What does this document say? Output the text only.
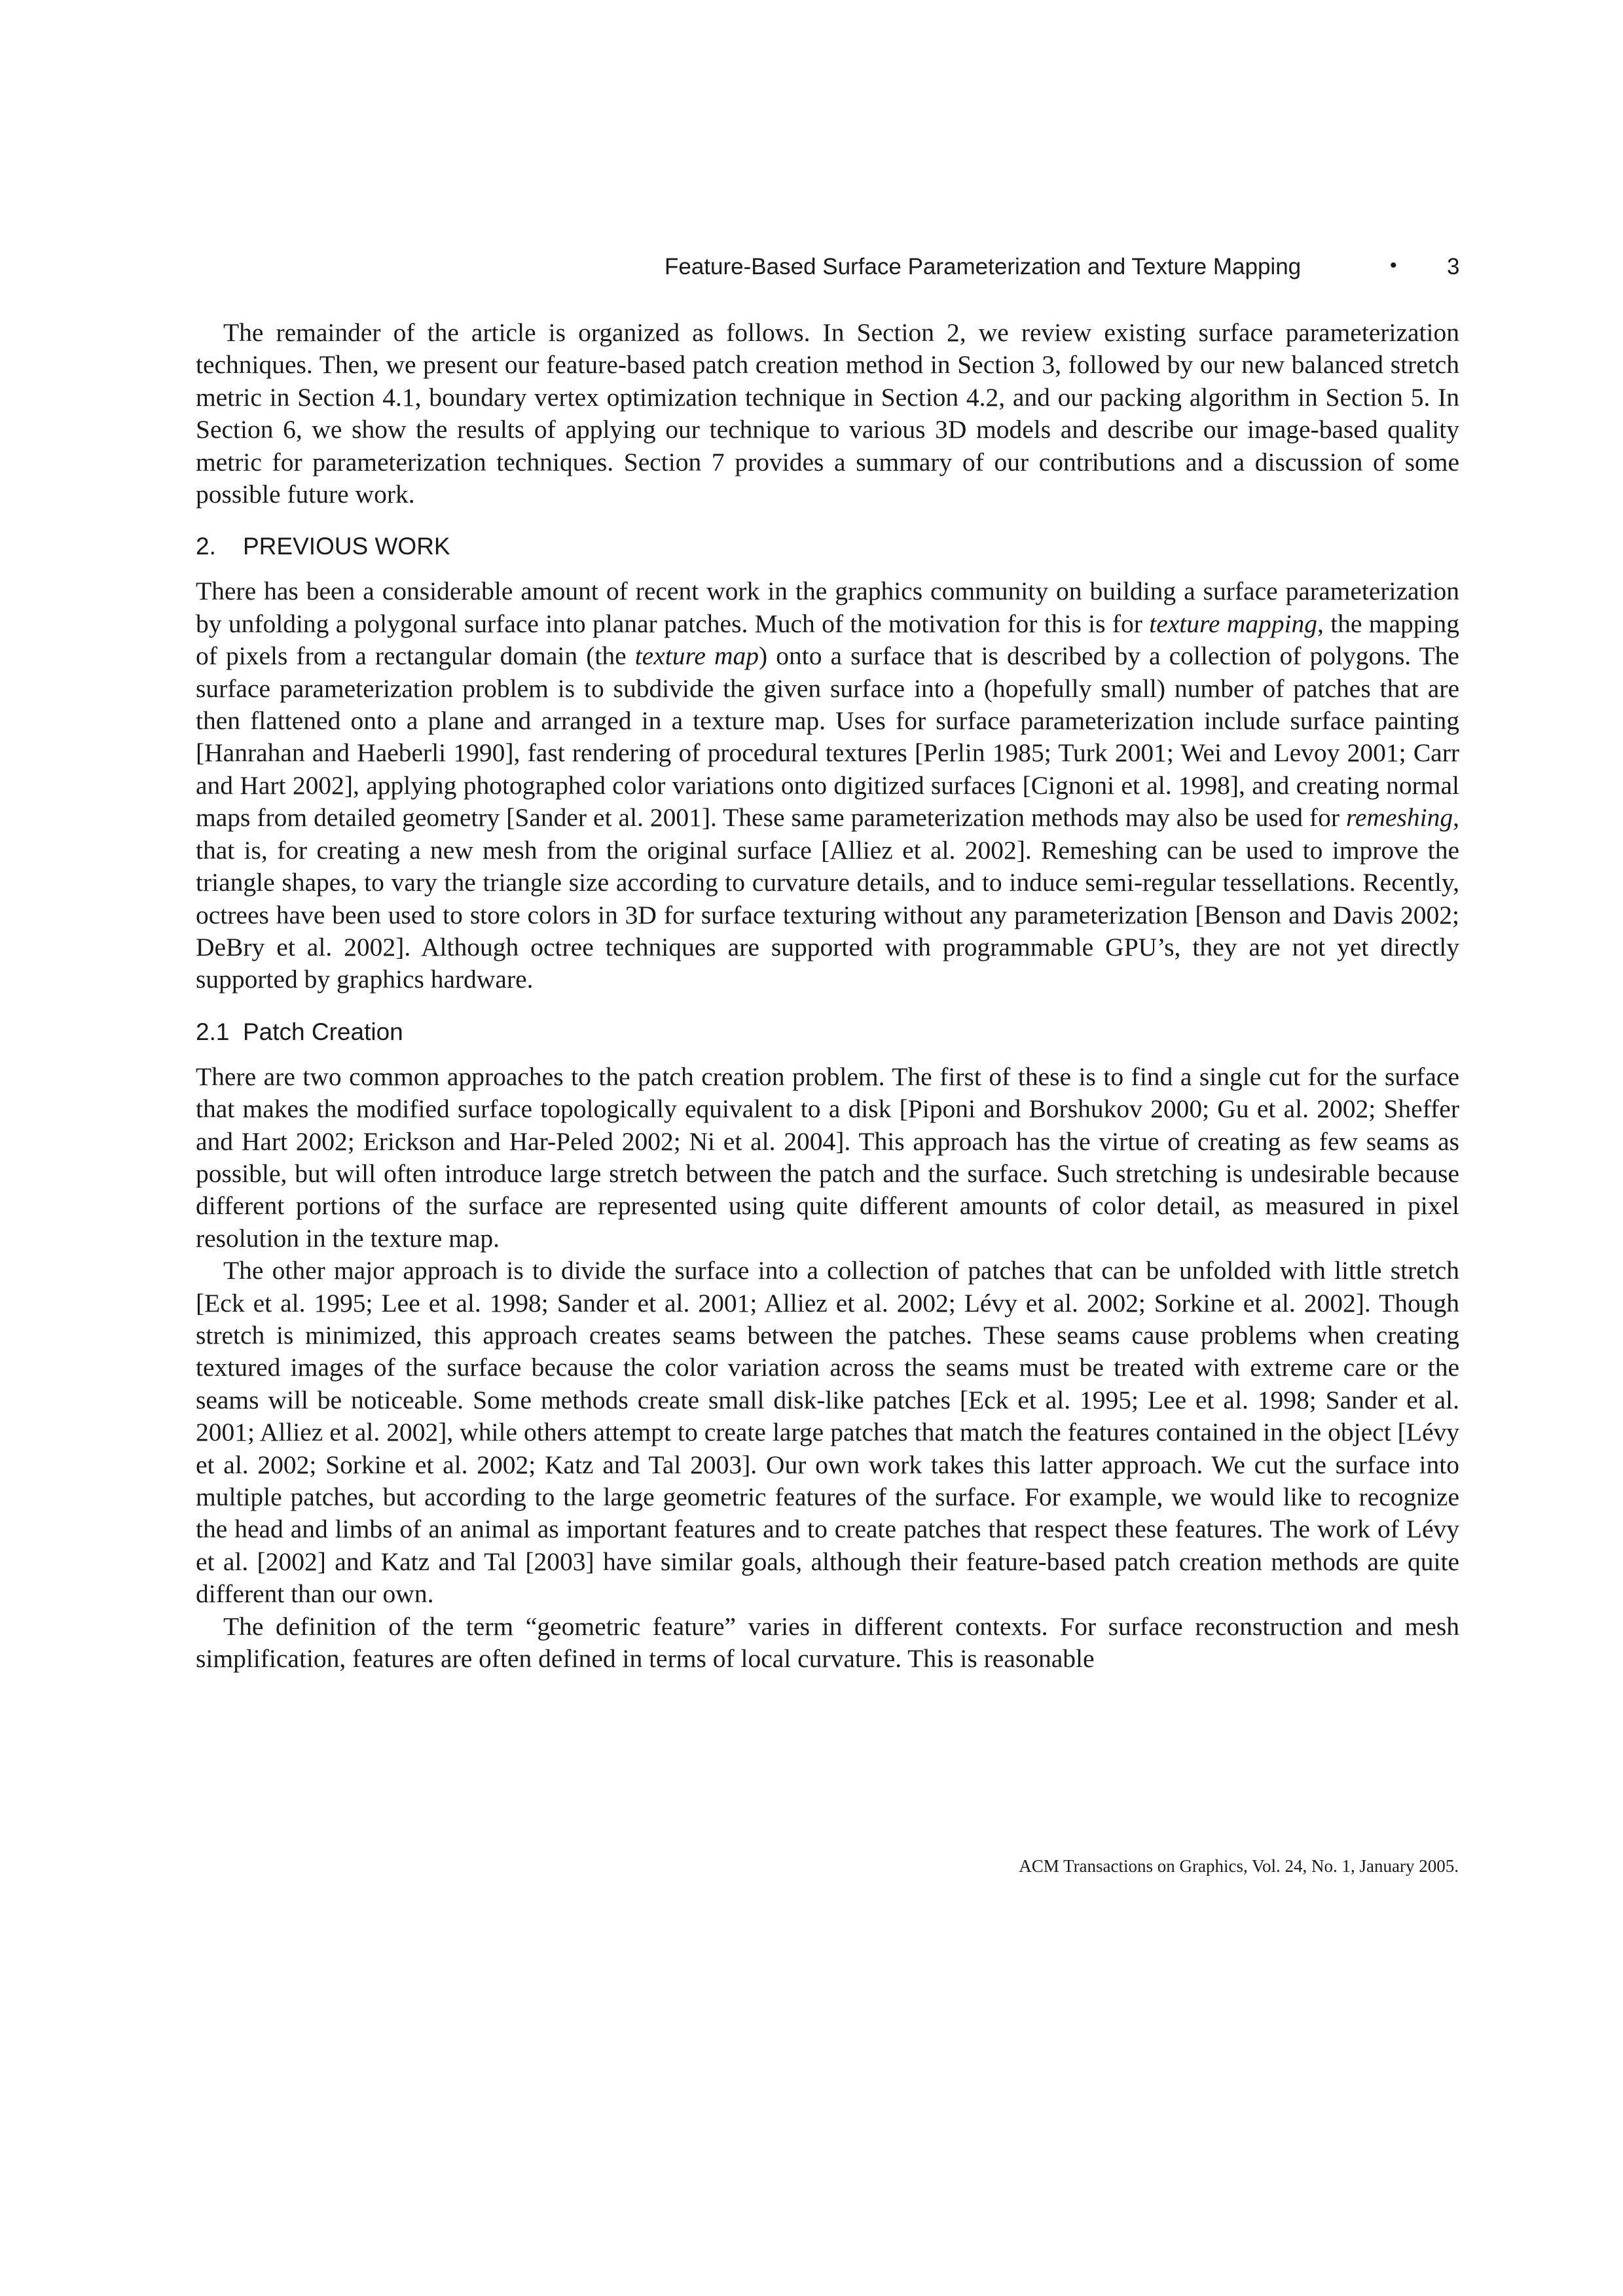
Feature-Based Surface Parameterization and Texture Mapping	• 3

The remainder of the article is organized as follows. In Section 2, we review existing surface parameterization techniques. Then, we present our feature-based patch creation method in Section 3, followed by our new balanced stretch metric in Section 4.1, boundary vertex optimization technique in Section 4.2, and our packing algorithm in Section 5. In Section 6, we show the results of applying our technique to various 3D models and describe our image-based quality metric for parameterization techniques. Section 7 provides a summary of our contributions and a discussion of some possible future work.

2. PREVIOUS WORK

There has been a considerable amount of recent work in the graphics community on building a surface parameterization by unfolding a polygonal surface into planar patches. Much of the motivation for this is for texture mapping, the mapping of pixels from a rectangular domain (the texture map) onto a surface that is described by a collection of polygons. The surface parameterization problem is to subdivide the given surface into a (hopefully small) number of patches that are then flattened onto a plane and arranged in a texture map. Uses for surface parameterization include surface painting [Hanrahan and Haeberli 1990], fast rendering of procedural textures [Perlin 1985; Turk 2001; Wei and Levoy 2001; Carr and Hart 2002], applying photographed color variations onto digitized surfaces [Cignoni et al. 1998], and creating normal maps from detailed geometry [Sander et al. 2001]. These same parameterization methods may also be used for remeshing, that is, for creating a new mesh from the original surface [Alliez et al. 2002]. Remeshing can be used to improve the triangle shapes, to vary the triangle size according to curvature details, and to induce semi-regular tessellations. Recently, octrees have been used to store colors in 3D for surface texturing without any parameterization [Benson and Davis 2002; DeBry et al. 2002]. Although octree techniques are supported with programmable GPU’s, they are not yet directly supported by graphics hardware.

2.1 Patch Creation

There are two common approaches to the patch creation problem. The first of these is to find a single cut for the surface that makes the modified surface topologically equivalent to a disk [Piponi and Borshukov 2000; Gu et al. 2002; Sheffer and Hart 2002; Erickson and Har-Peled 2002; Ni et al. 2004]. This approach has the virtue of creating as few seams as possible, but will often introduce large stretch between the patch and the surface. Such stretching is undesirable because different portions of the surface are represented using quite different amounts of color detail, as measured in pixel resolution in the texture map.

The other major approach is to divide the surface into a collection of patches that can be unfolded with little stretch [Eck et al. 1995; Lee et al. 1998; Sander et al. 2001; Alliez et al. 2002; Lévy et al. 2002; Sorkine et al. 2002]. Though stretch is minimized, this approach creates seams between the patches. These seams cause problems when creating textured images of the surface because the color variation across the seams must be treated with extreme care or the seams will be noticeable. Some methods create small disk-like patches [Eck et al. 1995; Lee et al. 1998; Sander et al. 2001; Alliez et al. 2002], while others attempt to create large patches that match the features contained in the object [Lévy et al. 2002; Sorkine et al. 2002; Katz and Tal 2003]. Our own work takes this latter approach. We cut the surface into multiple patches, but according to the large geometric features of the surface. For example, we would like to recognize the head and limbs of an animal as important features and to create patches that respect these features. The work of Lévy et al. [2002] and Katz and Tal [2003] have similar goals, although their feature-based patch creation methods are quite different than our own.

The definition of the term “geometric feature” varies in different contexts. For surface reconstruction and mesh simplification, features are often defined in terms of local curvature. This is reasonable

ACM Transactions on Graphics, Vol. 24, No. 1, January 2005.
